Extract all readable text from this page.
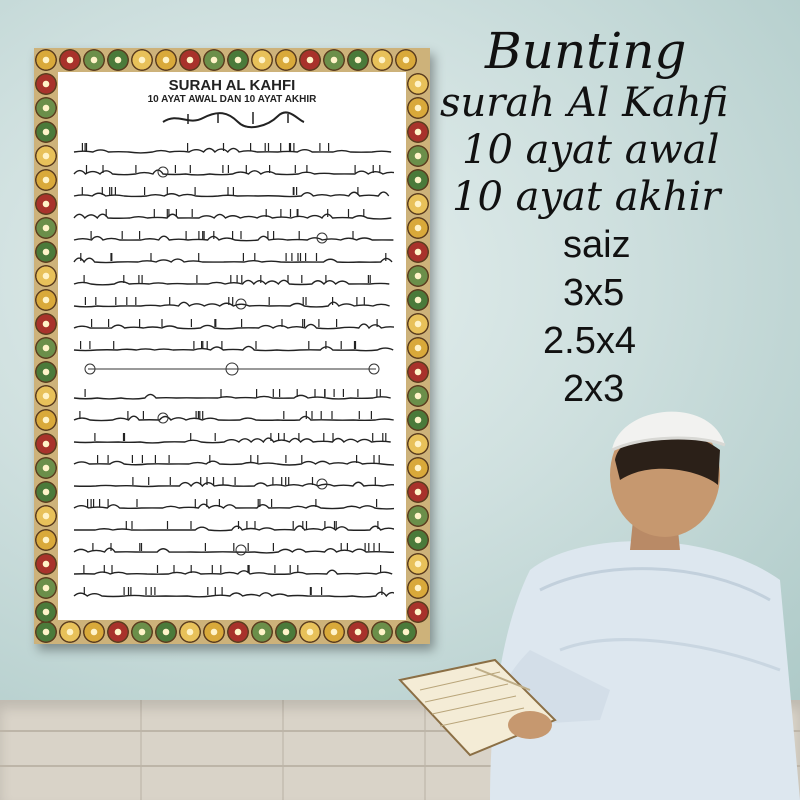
SURAH AL KAHFI
10 AYAT AWAL DAN 10 AYAT AKHIR
Bunting
surah Al Kahfi
10 ayat awal
10 ayat akhir
saiz
3x5
2.5x4
2x3
